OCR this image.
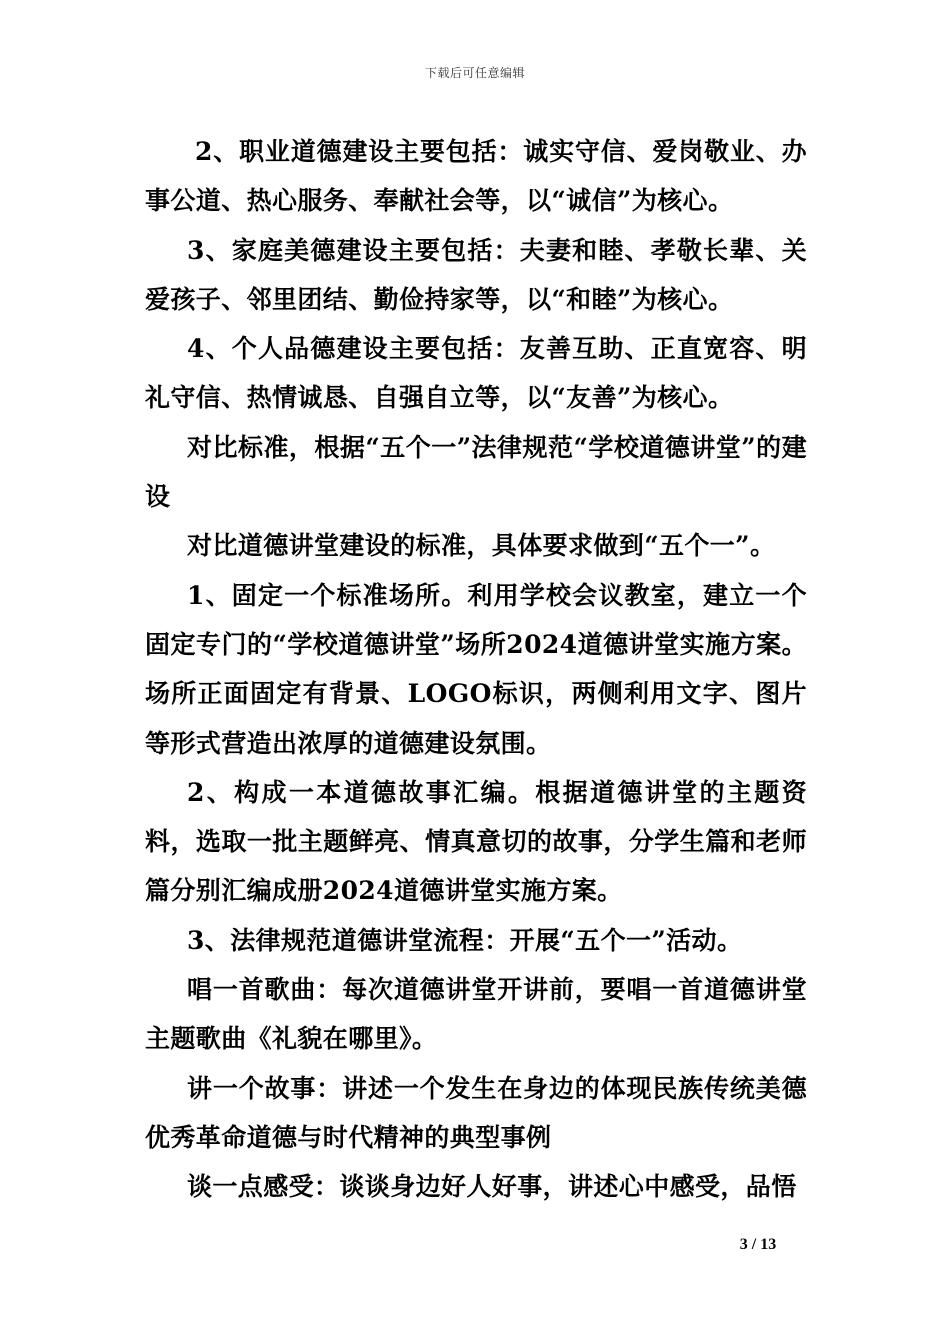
下载后可任意编辑

2、职业道德建设主要包括：诚实守信、爱岗敬业、办事公道、热心服务、奉献社会等，以“诚信”为核心。

3、家庭美德建设主要包括：夫妻和睦、孝敬长辈、关爱孩子、邻里团结、勤俭持家等，以“和睦”为核心。

4、个人品德建设主要包括：友善互助、正直宽容、明礼守信、热情诚恳、自强自立等，以“友善”为核心。

对比标准，根据“五个一”法律规范“学校道德讲堂”的建设

对比道德讲堂建设的标准，具体要求做到“五个一”。

1、固定一个标准场所。利用学校会议教室，建立一个固定专门的“学校道德讲堂”场所2024道德讲堂实施方案。场所正面固定有背景、LOGO标识，两侧利用文字、图片等形式营造出浓厚的道德建设氛围。

2、构成一本道德故事汇编。根据道德讲堂的主题资料，选取一批主题鲜亮、情真意切的故事，分学生篇和老师篇分别汇编成册2024道德讲堂实施方案。

3、法律规范道德讲堂流程：开展“五个一”活动。

唱一首歌曲：每次道德讲堂开讲前，要唱一首道德讲堂主题歌曲《礼貌在哪里》。

讲一个故事：讲述一个发生在身边的体现民族传统美德优秀革命道德与时代精神的典型事例

谈一点感受：谈谈身边好人好事，讲述心中感受，品悟

3 / 13
